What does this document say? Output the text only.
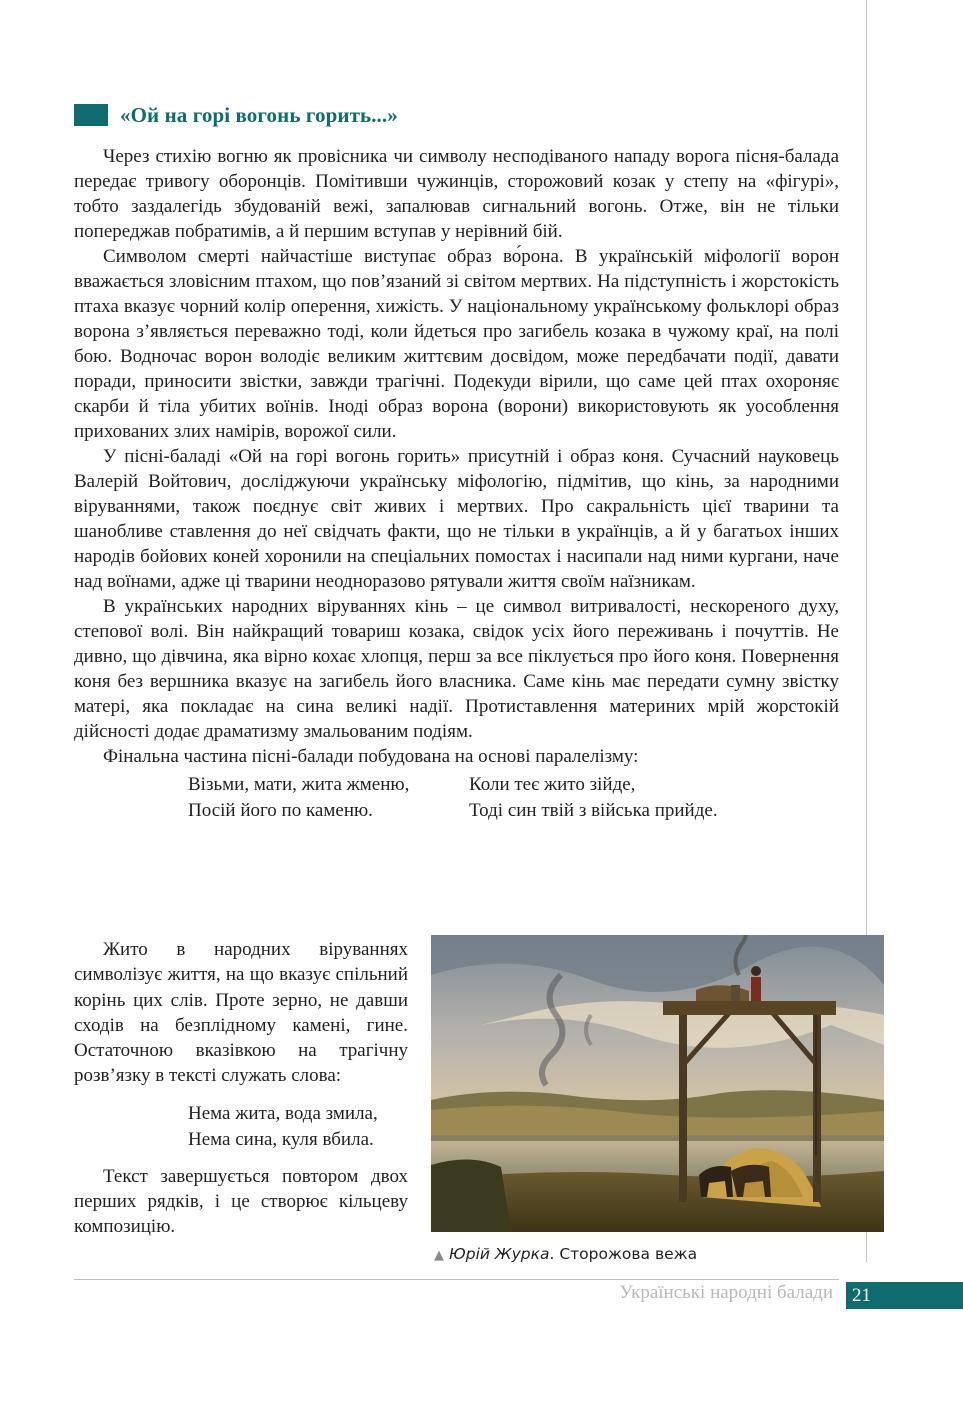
«Ой на горі вогонь горить...»

Через стихію вогню як провісника чи символу несподіваного нападу ворога пісня-балада передає тривогу оборонців. Помітивши чужинців, сторожовий козак у степу на «фігурі», тобто заздалегідь збудованій вежі, запалював сигнальний вогонь. Отже, він не тільки попереджав побратимів, а й першим вступав у нерівний бій.

Символом смерті найчастіше виступає образ во́рона. В українській міфології ворон вважається зловісним птахом, що пов’язаний зі світом мертвих. На підступність і жорстокість птаха вказує чорний колір оперення, хижість. У національному українському фольклорі образ ворона з’являється переважно тоді, коли йдеться про загибель козака в чужому краї, на полі бою. Водночас ворон володіє великим життєвим досвідом, може передбачати події, давати поради, приносити звістки, завжди трагічні. Подекуди вірили, що саме цей птах охороняє скарби й тіла убитих воїнів. Іноді образ ворона (ворони) використовують як уособлення прихованих злих намірів, ворожої сили.

У пісні-баладі «Ой на горі вогонь горить» присутній і образ коня. Сучасний науковець Валерій Войтович, досліджуючи українську міфологію, підмітив, що кінь, за народними віруваннями, також поєднує світ живих і мертвих. Про сакральність цієї тварини та шанобливе ставлення до неї свідчать факти, що не тільки в українців, а й у багатьох інших народів бойових коней хоронили на спеціальних помостах і насипали над ними кургани, наче над воїнами, адже ці тварини неодноразово рятували життя своїм наїзникам.

В українських народних віруваннях кінь – це символ витривалості, нескореного духу, степової волі. Він найкращий товариш козака, свідок усіх його переживань і почуттів. Не дивно, що дівчина, яка вірно кохає хлопця, перш за все піклується про його коня. Повернення коня без вершника вказує на загибель його власника. Саме кінь має передати сумну звістку матері, яка покладає на сина великі надії. Протиставлення материних мрій жорстокій дійсності додає драматизму змальованим подіям.

Фінальна частина пісні-балади побудована на основі паралелізму:

Візьми, мати, жита жменю,
Посій його по каменю.
Коли теє жито зійде,
Тоді син твій з війська прийде.

Жито в народних віруваннях символізує життя, на що вказує спільний корінь цих слів. Проте зерно, не давши сходів на безплідному камені, гине. Остаточною вказівкою на трагічну розв’язку в тексті служать слова:

Нема жита, вода змила,
Нема сина, куля вбила.

Текст завершується повтором двох перших рядків, і це створює кільцеву композицію.

▲ Юрій Журка. Сторожова вежа
Українські народні балади	21
